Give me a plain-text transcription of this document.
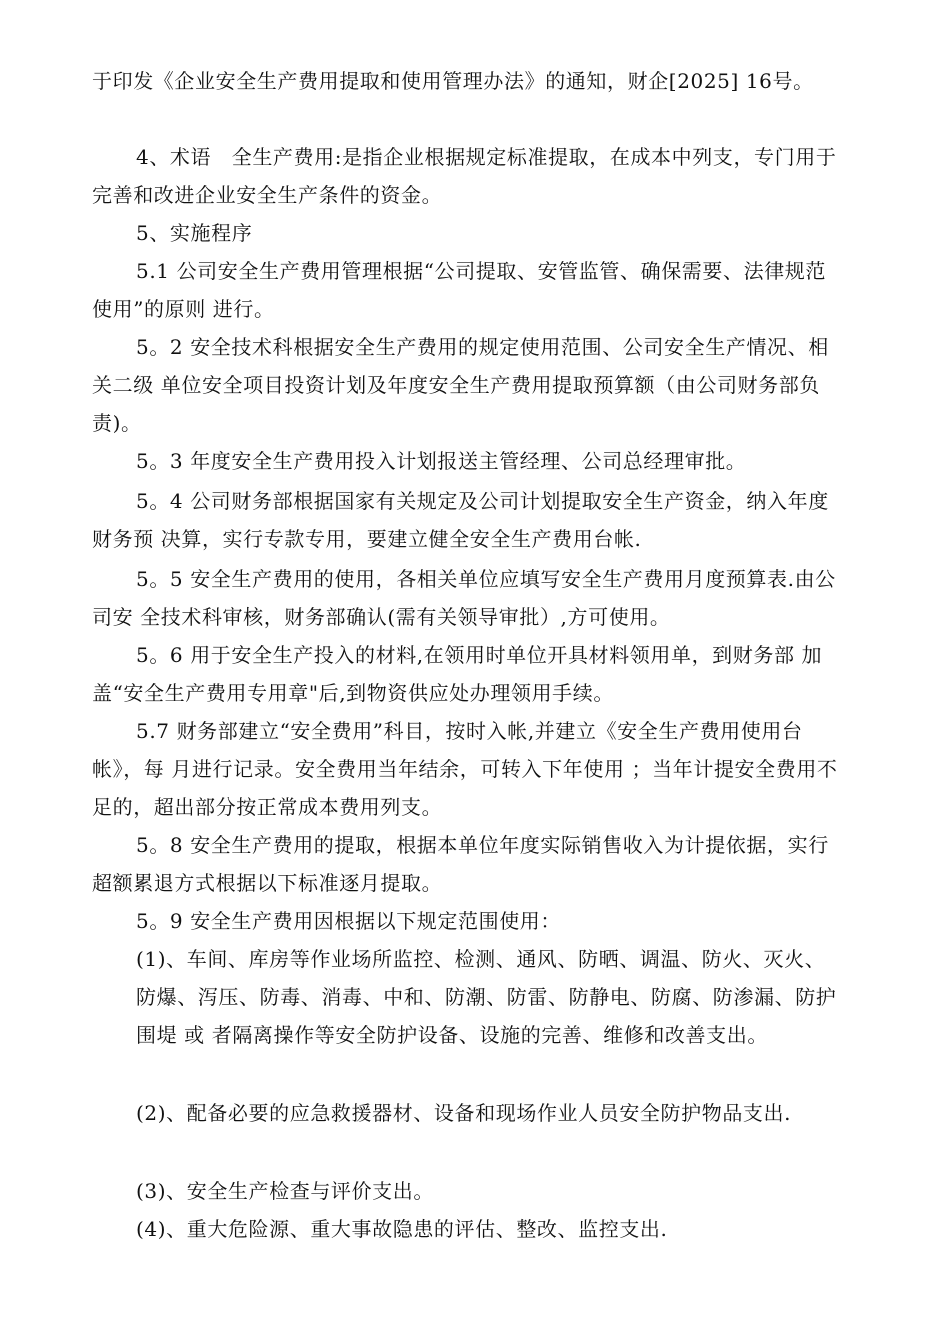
于印发《企业安全生产费用提取和使用管理办法》的通知，财企[2025] 16号。

4、术语　全生产费用:是指企业根据规定标准提取，在成本中列支，专门用于完善和改进企业安全生产条件的资金。

5、实施程序

5.1 公司安全生产费用管理根据“公司提取、安管监管、确保需要、法律规范使用”的原则 进行。

5。2 安全技术科根据安全生产费用的规定使用范围、公司安全生产情况、相关二级 单位安全项目投资计划及年度安全生产费用提取预算额（由公司财务部负责)。

5。3 年度安全生产费用投入计划报送主管经理、公司总经理审批。

5。4 公司财务部根据国家有关规定及公司计划提取安全生产资金，纳入年度财务预 决算，实行专款专用，要建立健全安全生产费用台帐.

5。5 安全生产费用的使用，各相关单位应填写安全生产费用月度预算表.由公司安 全技术科审核，财务部确认(需有关领导审批）,方可使用。

5。6 用于安全生产投入的材料,在领用时单位开具材料领用单，到财务部 加盖“安全生产费用专用章"后,到物资供应处办理领用手续。

5.7 财务部建立“安全费用”科目，按时入帐,并建立《安全生产费用使用台帐》，每 月进行记录。安全费用当年结余，可转入下年使用 ；当年计提安全费用不足的，超出部分按正常成本费用列支。

5。8 安全生产费用的提取，根据本单位年度实际销售收入为计提依据，实行超额累退方式根据以下标准逐月提取。

5。9 安全生产费用因根据以下规定范围使用：

(1)、车间、库房等作业场所监控、检测、通风、防晒、调温、防火、灭火、 防爆、泻压、防毒、消毒、中和、防潮、防雷、防静电、防腐、防渗漏、防护围堤 或 者隔离操作等安全防护设备、设施的完善、维修和改善支出。

(2)、配备必要的应急救援器材、设备和现场作业人员安全防护物品支出.

(3)、安全生产检查与评价支出。

(4)、重大危险源、重大事故隐患的评估、整改、监控支出.
